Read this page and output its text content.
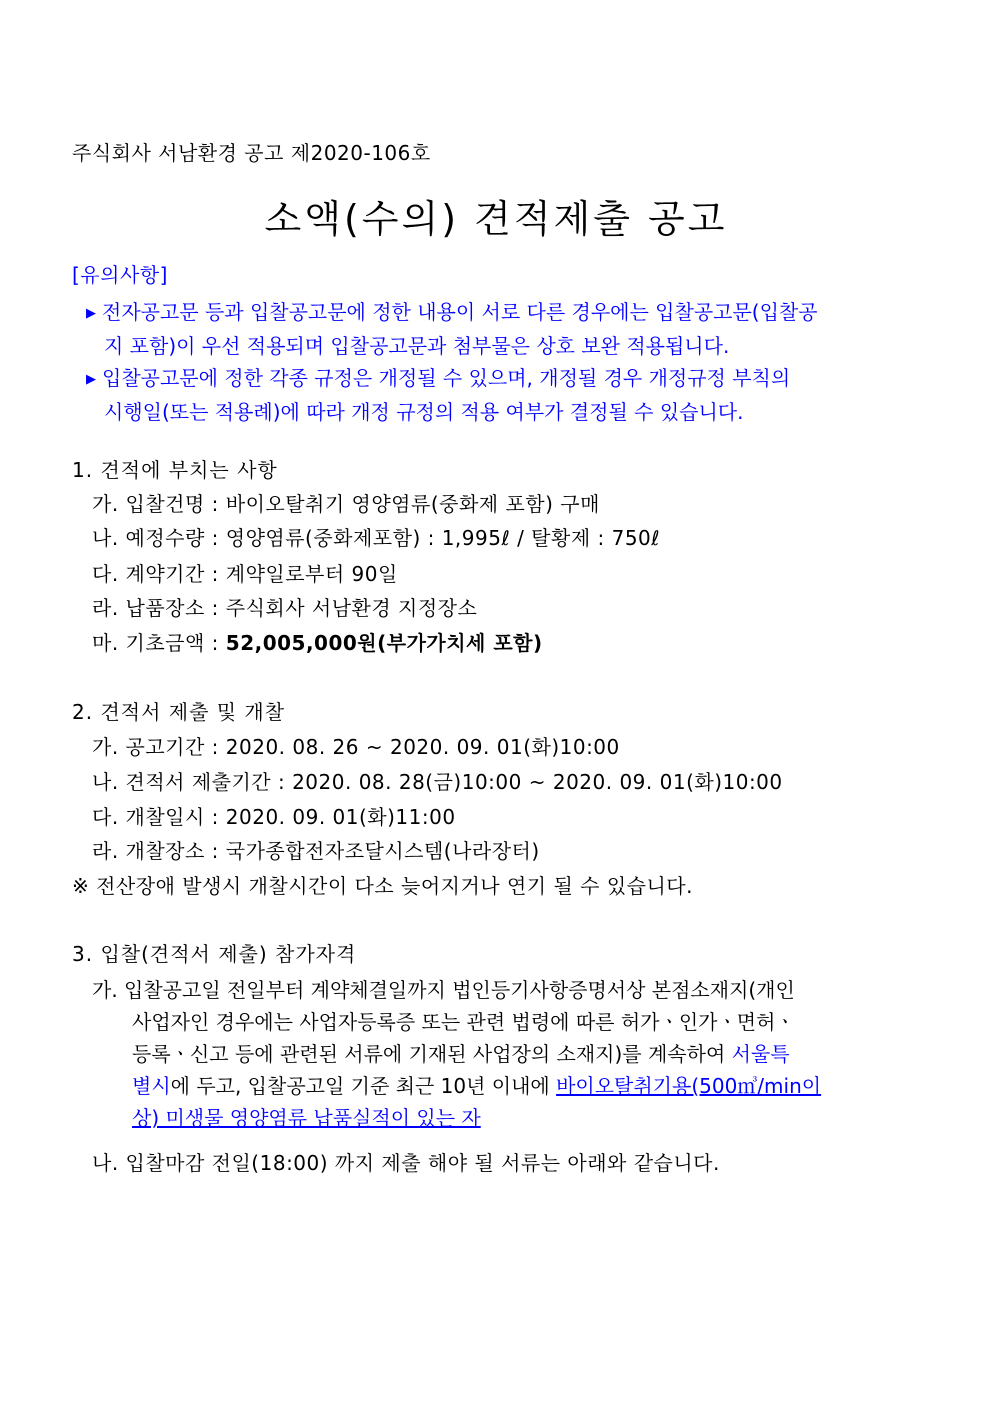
주식회사 서남환경 공고 제2020-106호
소액(수의) 견적제출 공고
[유의사항]
▶ 전자공고문 등과 입찰공고문에 정한 내용이 서로 다른 경우에는 입찰공고문(입찰공
지 포함)이 우선 적용되며 입찰공고문과 첨부물은 상호 보완 적용됩니다.
▶ 입찰공고문에 정한 각종 규정은 개정될 수 있으며, 개정될 경우 개정규정 부칙의
시행일(또는 적용례)에 따라 개정 규정의 적용 여부가 결정될 수 있습니다.
1. 견적에 부치는 사항
가. 입찰건명 : 바이오탈취기 영양염류(중화제 포함) 구매
나. 예정수량 : 영양염류(중화제포함) : 1,995ℓ / 탈황제 : 750ℓ
다. 계약기간 : 계약일로부터 90일
라. 납품장소 : 주식회사 서남환경 지정장소
마. 기초금액 : 52,005,000원(부가가치세 포함)
2. 견적서 제출 및 개찰
가. 공고기간 : 2020. 08. 26 ~ 2020. 09. 01(화)10:00
나. 견적서 제출기간 : 2020. 08. 28(금)10:00 ~ 2020. 09. 01(화)10:00
다. 개찰일시 : 2020. 09. 01(화)11:00
라. 개찰장소 : 국가종합전자조달시스템(나라장터)
※ 전산장애 발생시 개찰시간이 다소 늦어지거나 연기 될 수 있습니다.
3. 입찰(견적서 제출) 참가자격
가. 입찰공고일 전일부터 계약체결일까지 법인등기사항증명서상 본점소재지(개인
사업자인 경우에는 사업자등록증 또는 관련 법령에 따른 허가ㆍ인가ㆍ면허ㆍ
등록ㆍ신고 등에 관련된 서류에 기재된 사업장의 소재지)를 계속하여 서울특
별시에 두고, 입찰공고일 기준 최근 10년 이내에 바이오탈취기용(500㎥/min이
상) 미생물 영양염류 납품실적이 있는 자
나. 입찰마감 전일(18:00) 까지 제출 해야 될 서류는 아래와 같습니다.
